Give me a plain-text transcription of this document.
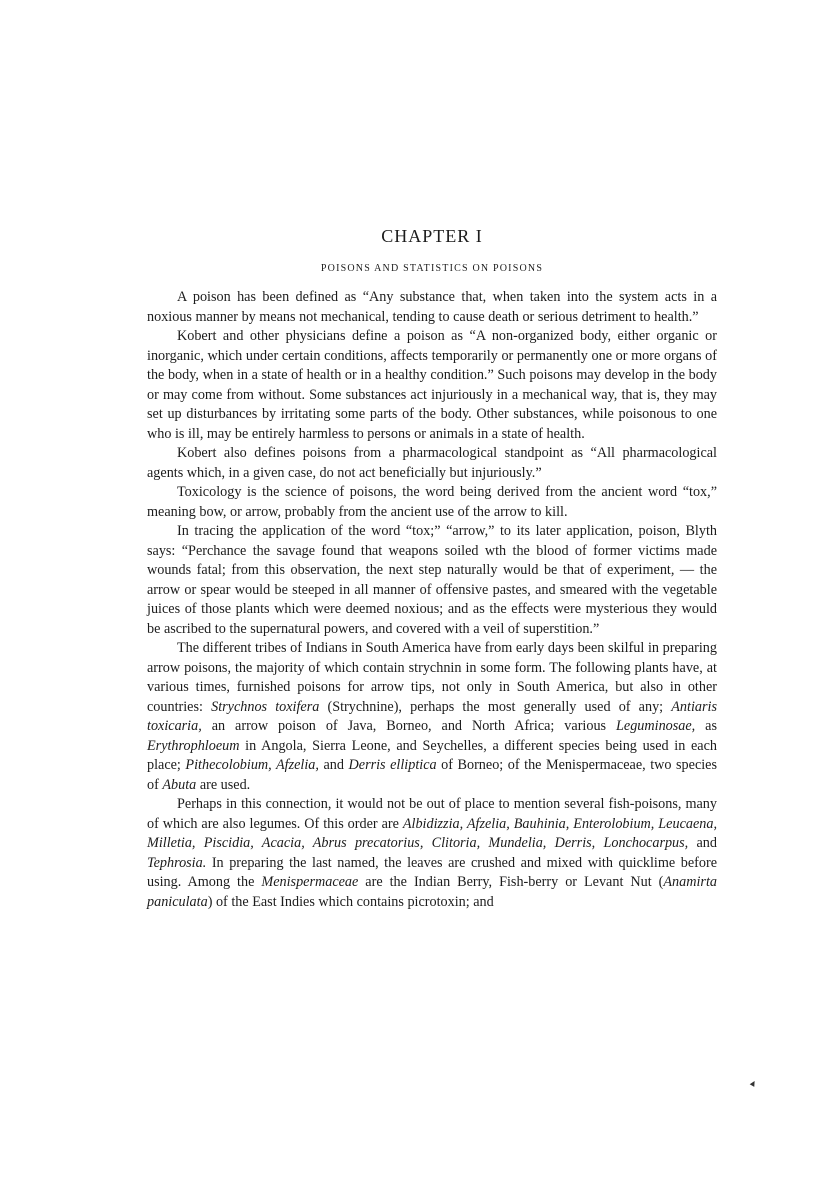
CHAPTER I
POISONS AND STATISTICS ON POISONS

A poison has been defined as “Any substance that, when taken into the system acts in a noxious manner by means not mechanical, tending to cause death or serious detriment to health.”

Kobert and other physicians define a poison as “A non-organized body, either organic or inorganic, which under certain conditions, affects temporarily or permanently one or more organs of the body, when in a state of health or in a healthy condition.” Such poisons may develop in the body or may come from without. Some substances act injuriously in a mechanical way, that is, they may set up disturbances by irritating some parts of the body. Other substances, while poisonous to one who is ill, may be entirely harmless to persons or animals in a state of health.

Kobert also defines poisons from a pharmacological standpoint as “All pharmacological agents which, in a given case, do not act beneficially but injuriously.”

Toxicology is the science of poisons, the word being derived from the ancient word “tox,” meaning bow, or arrow, probably from the ancient use of the arrow to kill.

In tracing the application of the word “tox;” “arrow,” to its later application, poison, Blyth says: “Perchance the savage found that weapons soiled wth the blood of former victims made wounds fatal; from this observation, the next step naturally would be that of experiment, — the arrow or spear would be steeped in all manner of offensive pastes, and smeared with the vegetable juices of those plants which were deemed noxious; and as the effects were mysterious they would be ascribed to the supernatural powers, and covered with a veil of superstition.”

The different tribes of Indians in South America have from early days been skilful in preparing arrow poisons, the majority of which contain strychnin in some form. The following plants have, at various times, furnished poisons for arrow tips, not only in South America, but also in other countries: Strychnos toxifera (Strychnine), perhaps the most generally used of any; Antiaris toxicaria, an arrow poison of Java, Borneo, and North Africa; various Leguminosae, as Erythrophloeum in Angola, Sierra Leone, and Seychelles, a different species being used in each place; Pithecolobium, Afzelia, and Derris elliptica of Borneo; of the Menispermaceae, two species of Abuta are used.

Perhaps in this connection, it would not be out of place to mention several fish-poisons, many of which are also legumes. Of this order are Albidizzia, Afzelia, Bauhinia, Enterolobium, Leucaena, Milletia, Piscidia, Acacia, Abrus precatorius, Clitoria, Mundelia, Derris, Lonchocarpus, and Tephrosia. In preparing the last named, the leaves are crushed and mixed with quicklime before using. Among the Menispermaceae are the Indian Berry, Fish-berry or Levant Nut (Anamirta paniculata) of the East Indies which contains picrotoxin; and

▲
